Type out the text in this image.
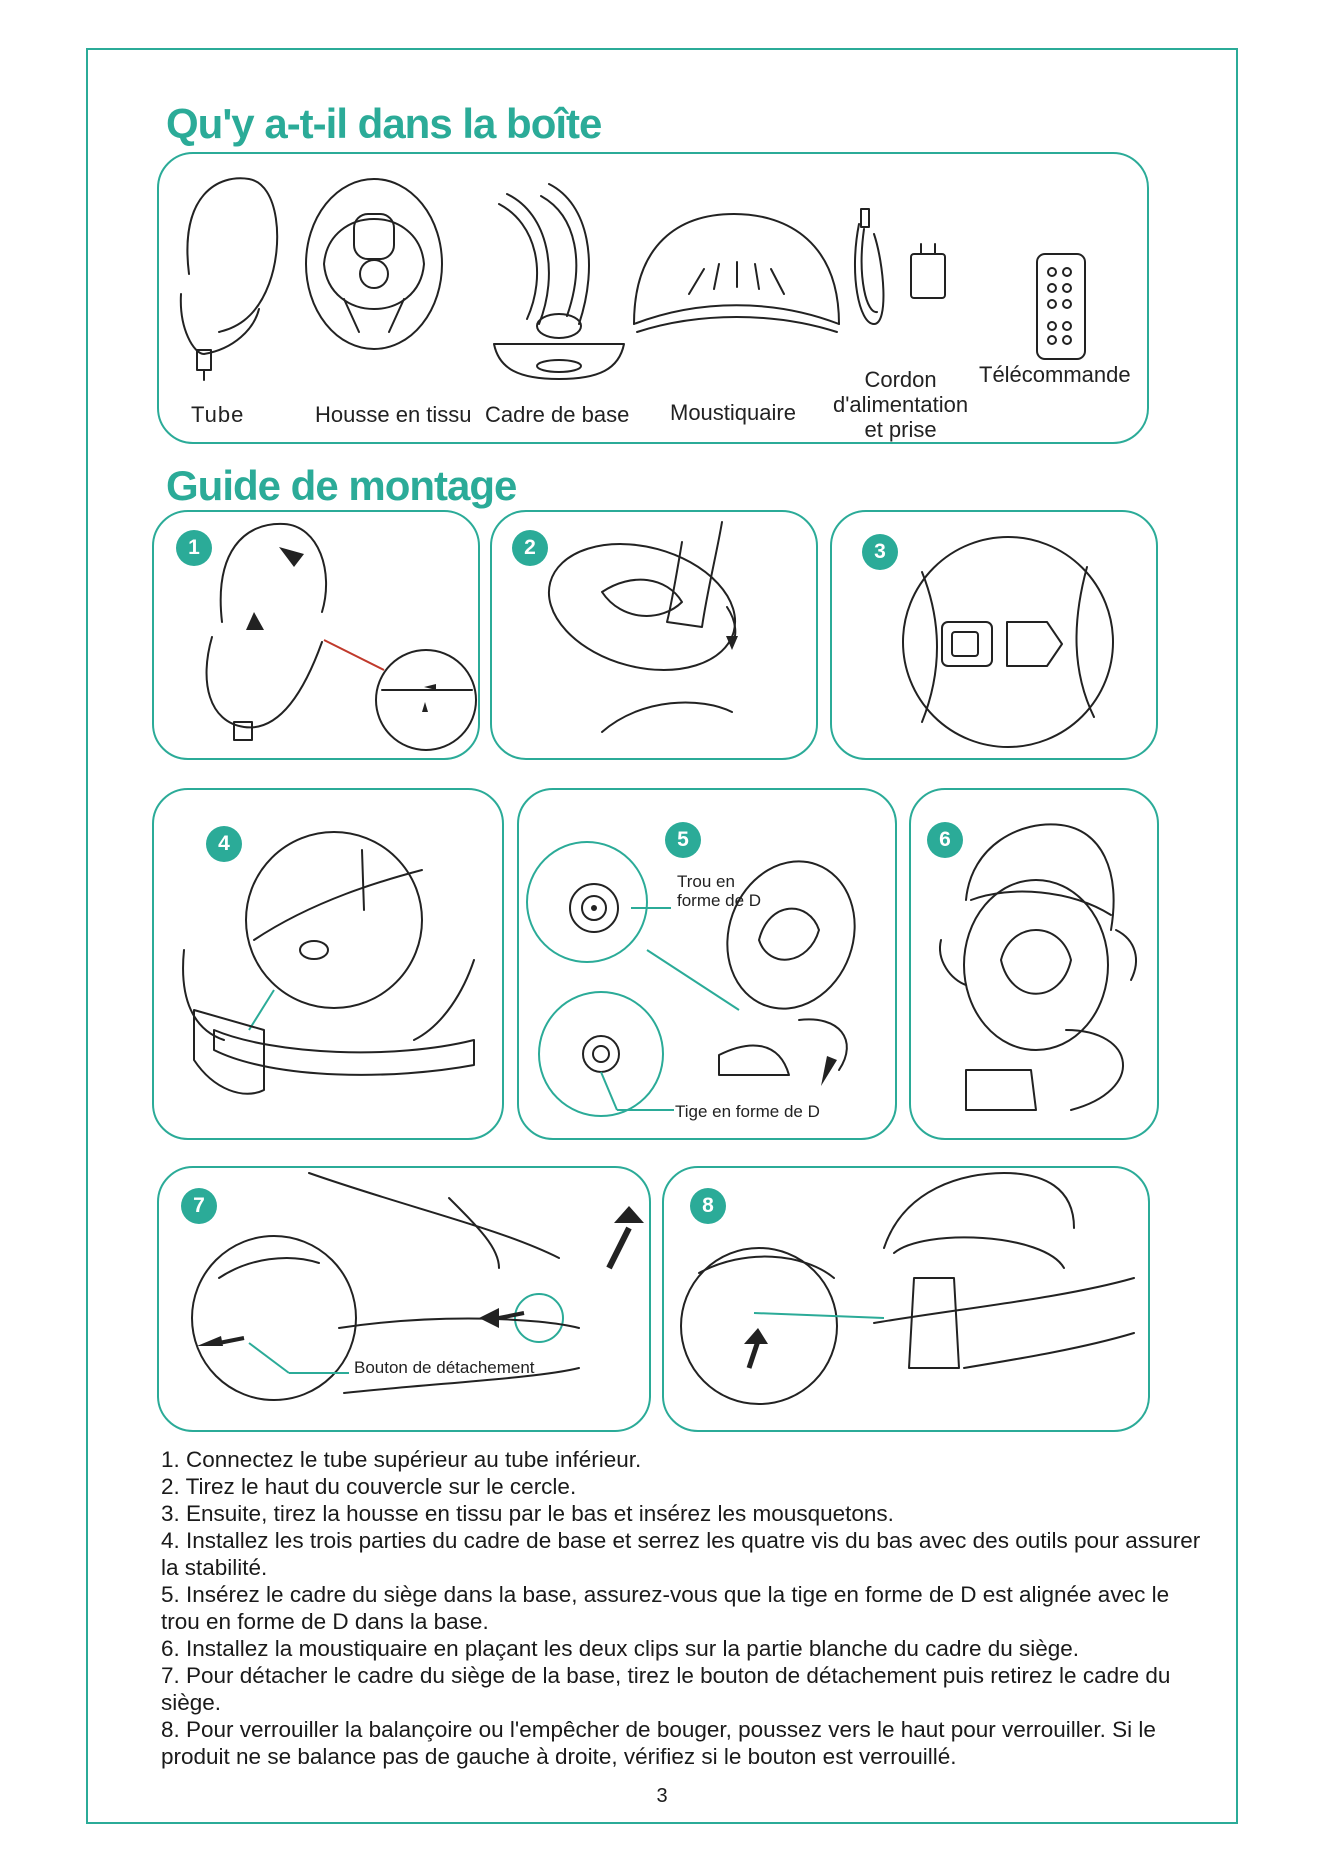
Qu'y a-t-il dans la boîte
Tube	Housse en tissu Cadre de base Moustiquaire
Cordon
d'alimentation
et prise
Télécommande
Guide de montage
1	2	3
4	5
Trou en
forme de D
Tige en forme de D
6
7
Bouton de détachement
8
1. Connectez le tube supérieur au tube inférieur.
2. Tirez le haut du couvercle sur le cercle.
3. Ensuite, tirez la housse en tissu par le bas et insérez les mousquetons.
4. Installez les trois parties du cadre de base et serrez les quatre vis du bas avec des outils pour assurer la stabilité.
5. Insérez le cadre du siège dans la base, assurez-vous que la tige en forme de D est alignée avec le trou en forme de D dans la base.
6. Installez la moustiquaire en plaçant les deux clips sur la partie blanche du cadre du siège.
7. Pour détacher le cadre du siège de la base, tirez le bouton de détachement puis retirez le cadre du siège.
8. Pour verrouiller la balançoire ou l'empêcher de bouger, poussez vers le haut pour verrouiller. Si le produit ne se balance pas de gauche à droite, vérifiez si le bouton est verrouillé.
3
